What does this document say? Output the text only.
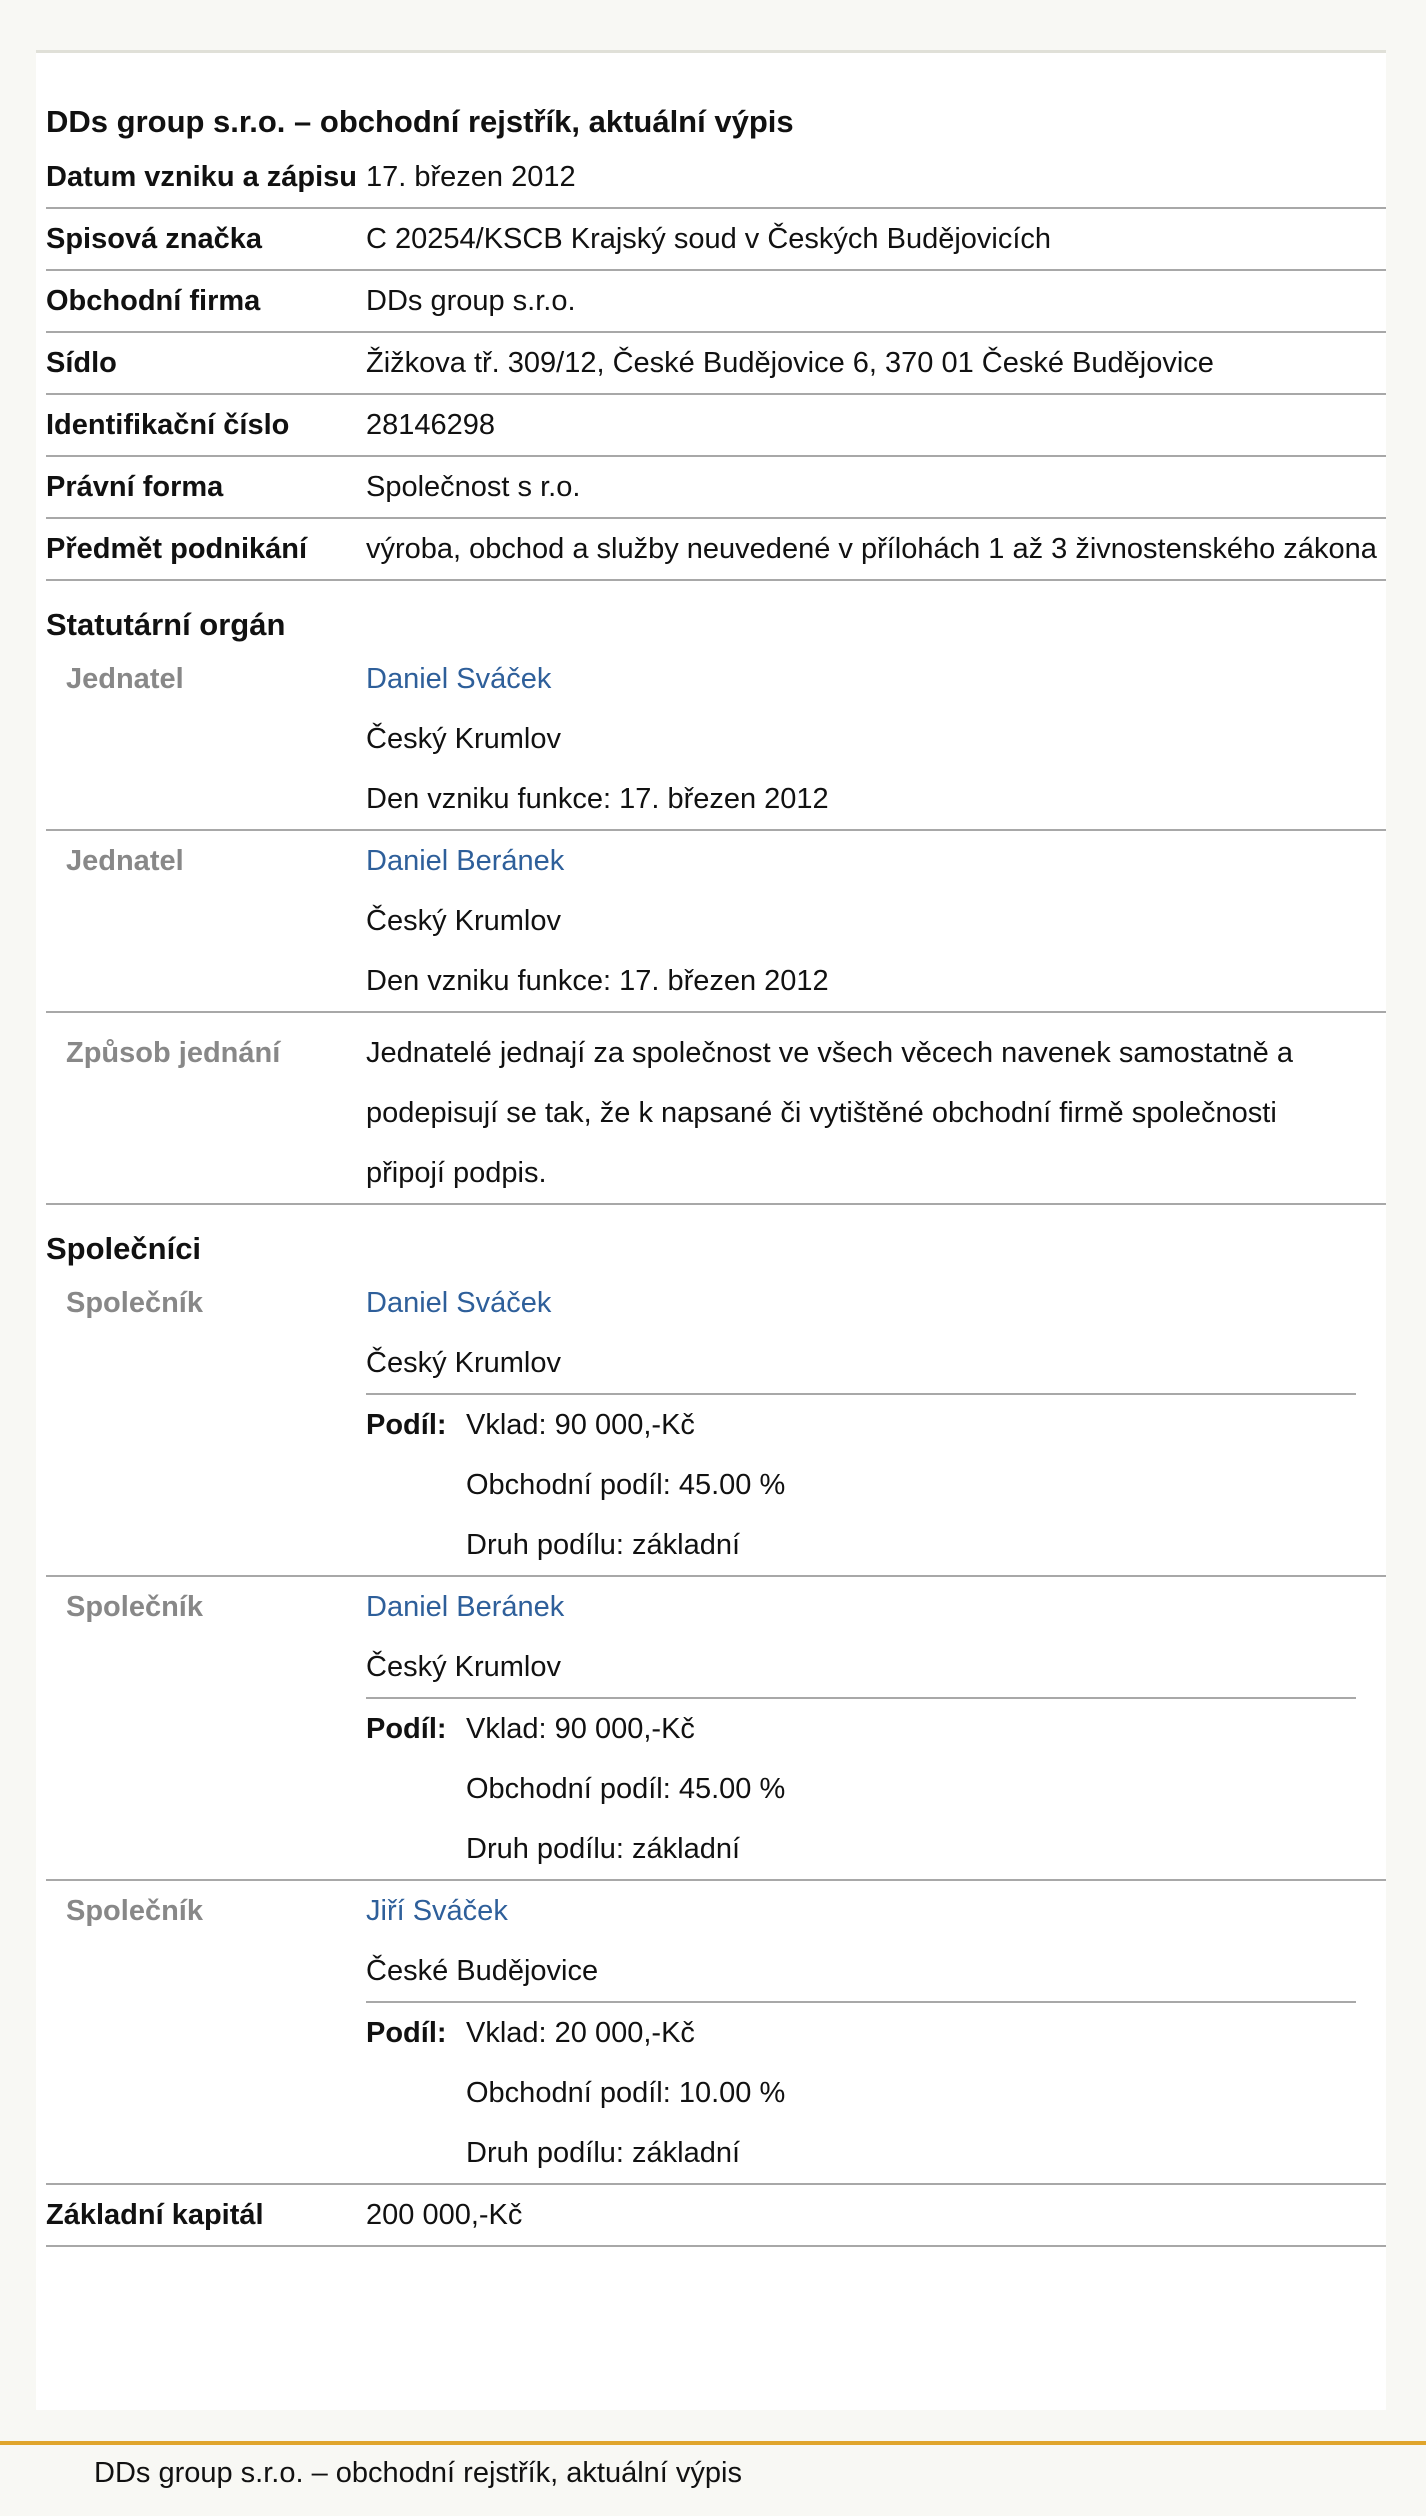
DDs group s.r.o. – obchodní rejstřík, aktuální výpis
Datum vzniku a zápisu 17. březen 2012
Spisová značka	C 20254/KSCB Krajský soud v Českých Budějovicích
Obchodní firma	DDs group s.r.o.
Sídlo	Žižkova tř. 309/12, České Budějovice 6, 370 01 České Budějovice
Identifikační číslo	28146298
Právní forma	Společnost s r.o.
Předmět podnikání	výroba, obchod a služby neuvedené v přílohách 1 až 3 živnostenského zákona
Statutární orgán
Jednatel	Daniel Sváček
Český Krumlov
Den vzniku funkce: 17. březen 2012
Jednatel	Daniel Beránek
Český Krumlov
Den vzniku funkce: 17. březen 2012
Způsob jednání	Jednatelé jednají za společnost ve všech věcech navenek samostatně a podepisují se tak, že k napsané či vytištěné obchodní firmě společnosti připojí podpis.
Společníci
Společník	Daniel Sváček
Český Krumlov
Podíl: Vklad: 90 000,-Kč
Obchodní podíl: 45.00 %
Druh podílu: základní
Společník	Daniel Beránek
Český Krumlov
Podíl: Vklad: 90 000,-Kč
Obchodní podíl: 45.00 %
Druh podílu: základní
Společník	Jiří Sváček
České Budějovice
Podíl: Vklad: 20 000,-Kč
Obchodní podíl: 10.00 %
Druh podílu: základní
Základní kapitál	200 000,-Kč
DDs group s.r.o. – obchodní rejstřík, aktuální výpis
